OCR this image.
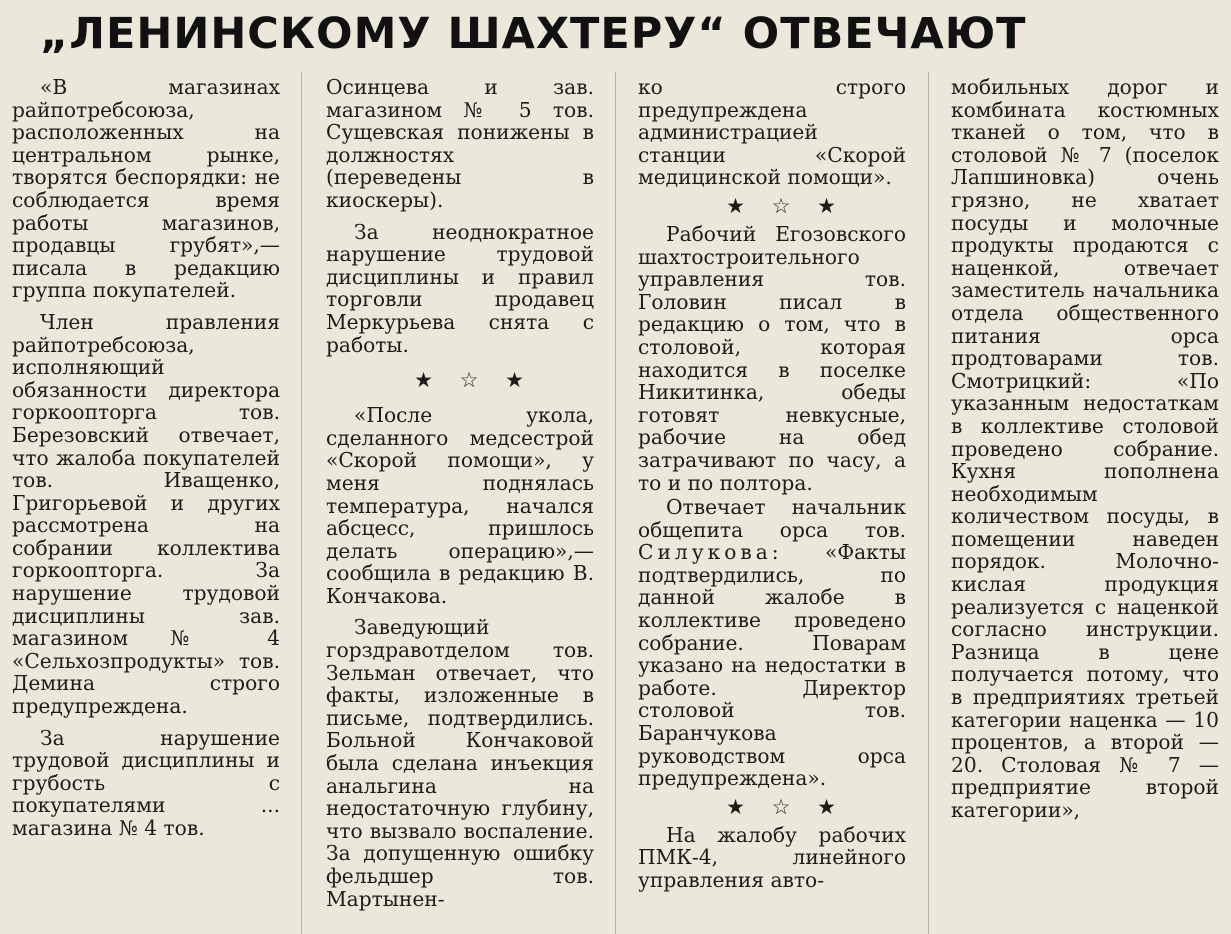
„ЛЕНИНСКОМУ ШАХТЕРУ“ ОТВЕЧАЮТ

«В магазинах райпотребсоюза, расположенных на центральном рынке, творятся беспорядки: не соблюдается время работы магазинов, продавцы грубят»,— писала в редакцию группа покупателей.

Член правления райпотребсоюза, исполняющий обязанности директора горкоопторга тов. Березовский отвечает, что жалоба покупателей тов. Иващенко, Григорьевой и других рассмотрена на собрании коллектива горкоопторга. За нарушение трудовой дисциплины зав. магазином № 4 «Сельхозпродукты» тов. Демина строго предупреждена.

За нарушение трудовой дисциплины и грубость с покупателями ... магазина № 4 тов.

Осинцева и зав. магазином № 5 тов. Сущевская понижены в должностях (переведены в киоскеры).

За неоднократное нарушение трудовой дисциплины и правил торговли продавец Меркурьева снята с работы.

★ ☆ ★

«После укола, сделанного медсестрой «Скорой помощи», у меня поднялась температура, начался абсцесс, пришлось делать операцию»,—сообщила в редакцию В. Кончакова.

Заведующий горздравотделом тов. Зельман отвечает, что факты, изложенные в письме, подтвердились. Больной Кончаковой была сделана инъекция анальгина на недостаточную глубину, что вызвало воспаление. За допущенную ошибку фельдшер тов. Мартынен-

ко строго предупреждена администрацией станции «Скорой медицинской помощи».

★ ☆ ★

Рабочий Егозовского шахтостроительного управления тов. Головин писал в редакцию о том, что в столовой, которая находится в поселке Никитинка, обеды готовят невкусные, рабочие на обед затрачивают по часу, а то и по полтора.

Отвечает начальник общепита орса тов. Силукова: «Факты подтвердились, по данной жалобе в коллективе проведено собрание. Поварам указано на недостатки в работе. Директор столовой тов. Баранчукова руководством орса предупреждена».

★ ☆ ★

На жалобу рабочих ПМК-4, линейного управления авто-

мобильных дорог и комбината костюмных тканей о том, что в столовой № 7 (поселок Лапшиновка) очень грязно, не хватает посуды и молочные продукты продаются с наценкой, отвечает заместитель начальника отдела общественного питания орса продтоварами тов. Смотрицкий: «По указанным недостаткам в коллективе столовой проведено собрание. Кухня пополнена необходимым количеством посуды, в помещении наведен порядок. Молочно-кислая продукция реализуется с наценкой согласно инструкции. Разница в цене получается потому, что в предприятиях третьей категории наценка — 10 процентов, а второй —20. Столовая № 7 — предприятие второй категории»,
